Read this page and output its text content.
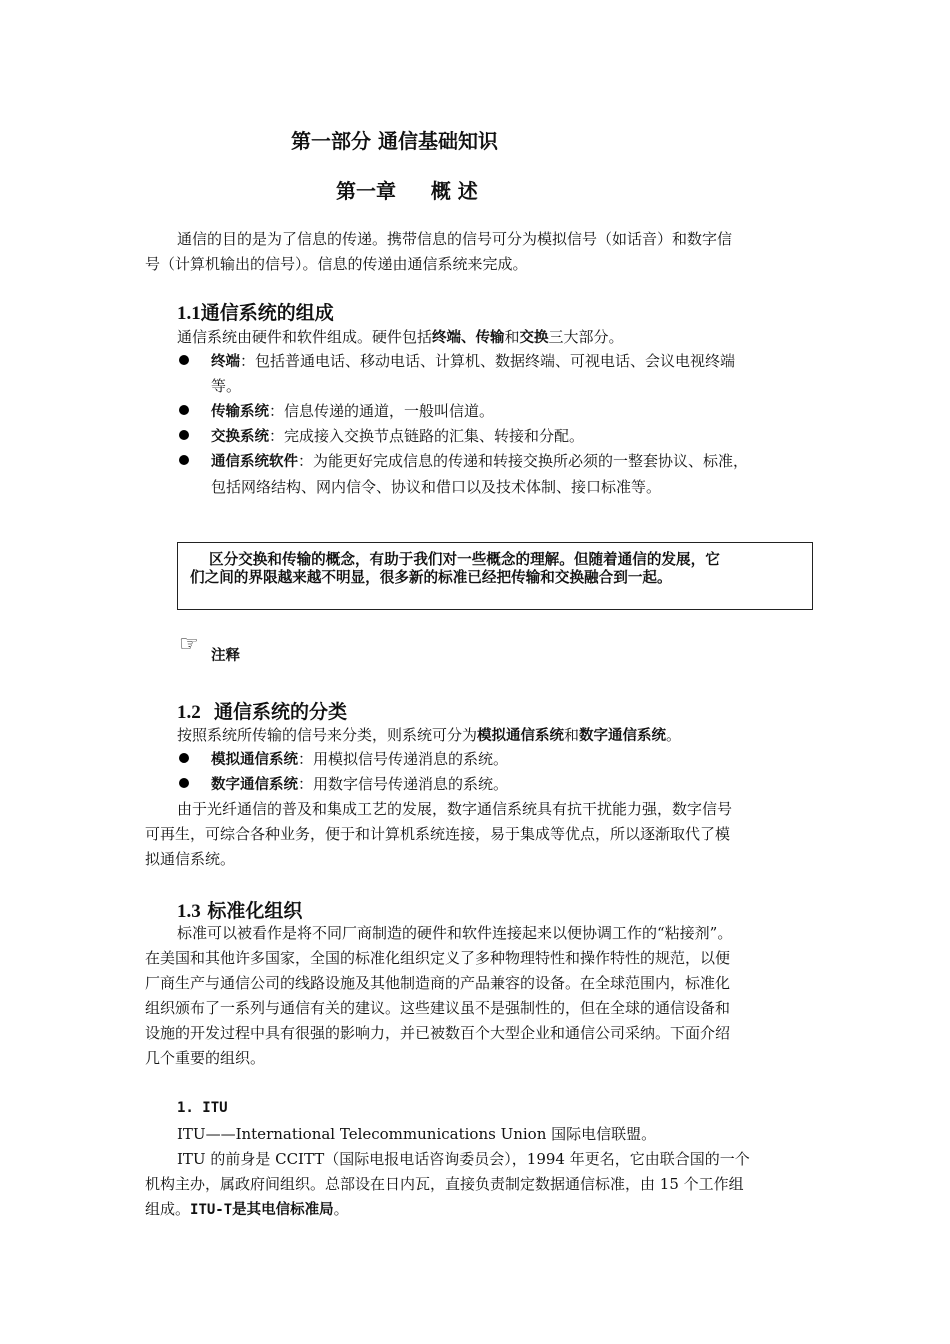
第一部分 通信基础知识
第一章     概 述
通信的目的是为了信息的传递。携带信息的信号可分为模拟信号（如话音）和数字信
号（计算机输出的信号）。信息的传递由通信系统来完成。
1.1通信系统的组成
通信系统由硬件和软件组成。硬件包括终端、传输和交换三大部分。
终端：包括普通电话、移动电话、计算机、数据终端、可视电话、会议电视终端
等。
传输系统：信息传递的通道，一般叫信道。
交换系统：完成接入交换节点链路的汇集、转接和分配。
通信系统软件：为能更好完成信息的传递和转接交换所必须的一整套协议、标准，
包括网络结构、网内信令、协议和借口以及技术体制、接口标准等。
区分交换和传输的概念，有助于我们对一些概念的理解。但随着通信的发展，它
们之间的界限越来越不明显，很多新的标准已经把传输和交换融合到一起。
☞ 注释
1.2 通信系统的分类
按照系统所传输的信号来分类，则系统可分为模拟通信系统和数字通信系统。
模拟通信系统：用模拟信号传递消息的系统。
数字通信系统：用数字信号传递消息的系统。
由于光纤通信的普及和集成工艺的发展，数字通信系统具有抗干扰能力强，数字信号
可再生，可综合各种业务，便于和计算机系统连接，易于集成等优点，所以逐渐取代了模
拟通信系统。
1.3 标准化组织
标准可以被看作是将不同厂商制造的硬件和软件连接起来以便协调工作的“粘接剂”。
在美国和其他许多国家，全国的标准化组织定义了多种物理特性和操作特性的规范，以便
厂商生产与通信公司的线路设施及其他制造商的产品兼容的设备。在全球范围内，标准化
组织颁布了一系列与通信有关的建议。这些建议虽不是强制性的，但在全球的通信设备和
设施的开发过程中具有很强的影响力，并已被数百个大型企业和通信公司采纳。下面介绍
几个重要的组织。
1. ITU
ITU——International Telecommunications Union 国际电信联盟。
ITU 的前身是 CCITT（国际电报电话咨询委员会），1994 年更名，它由联合国的一个
机构主办，属政府间组织。总部设在日内瓦，直接负责制定数据通信标准，由 15 个工作组
组成。ITU-T是其电信标准局。
